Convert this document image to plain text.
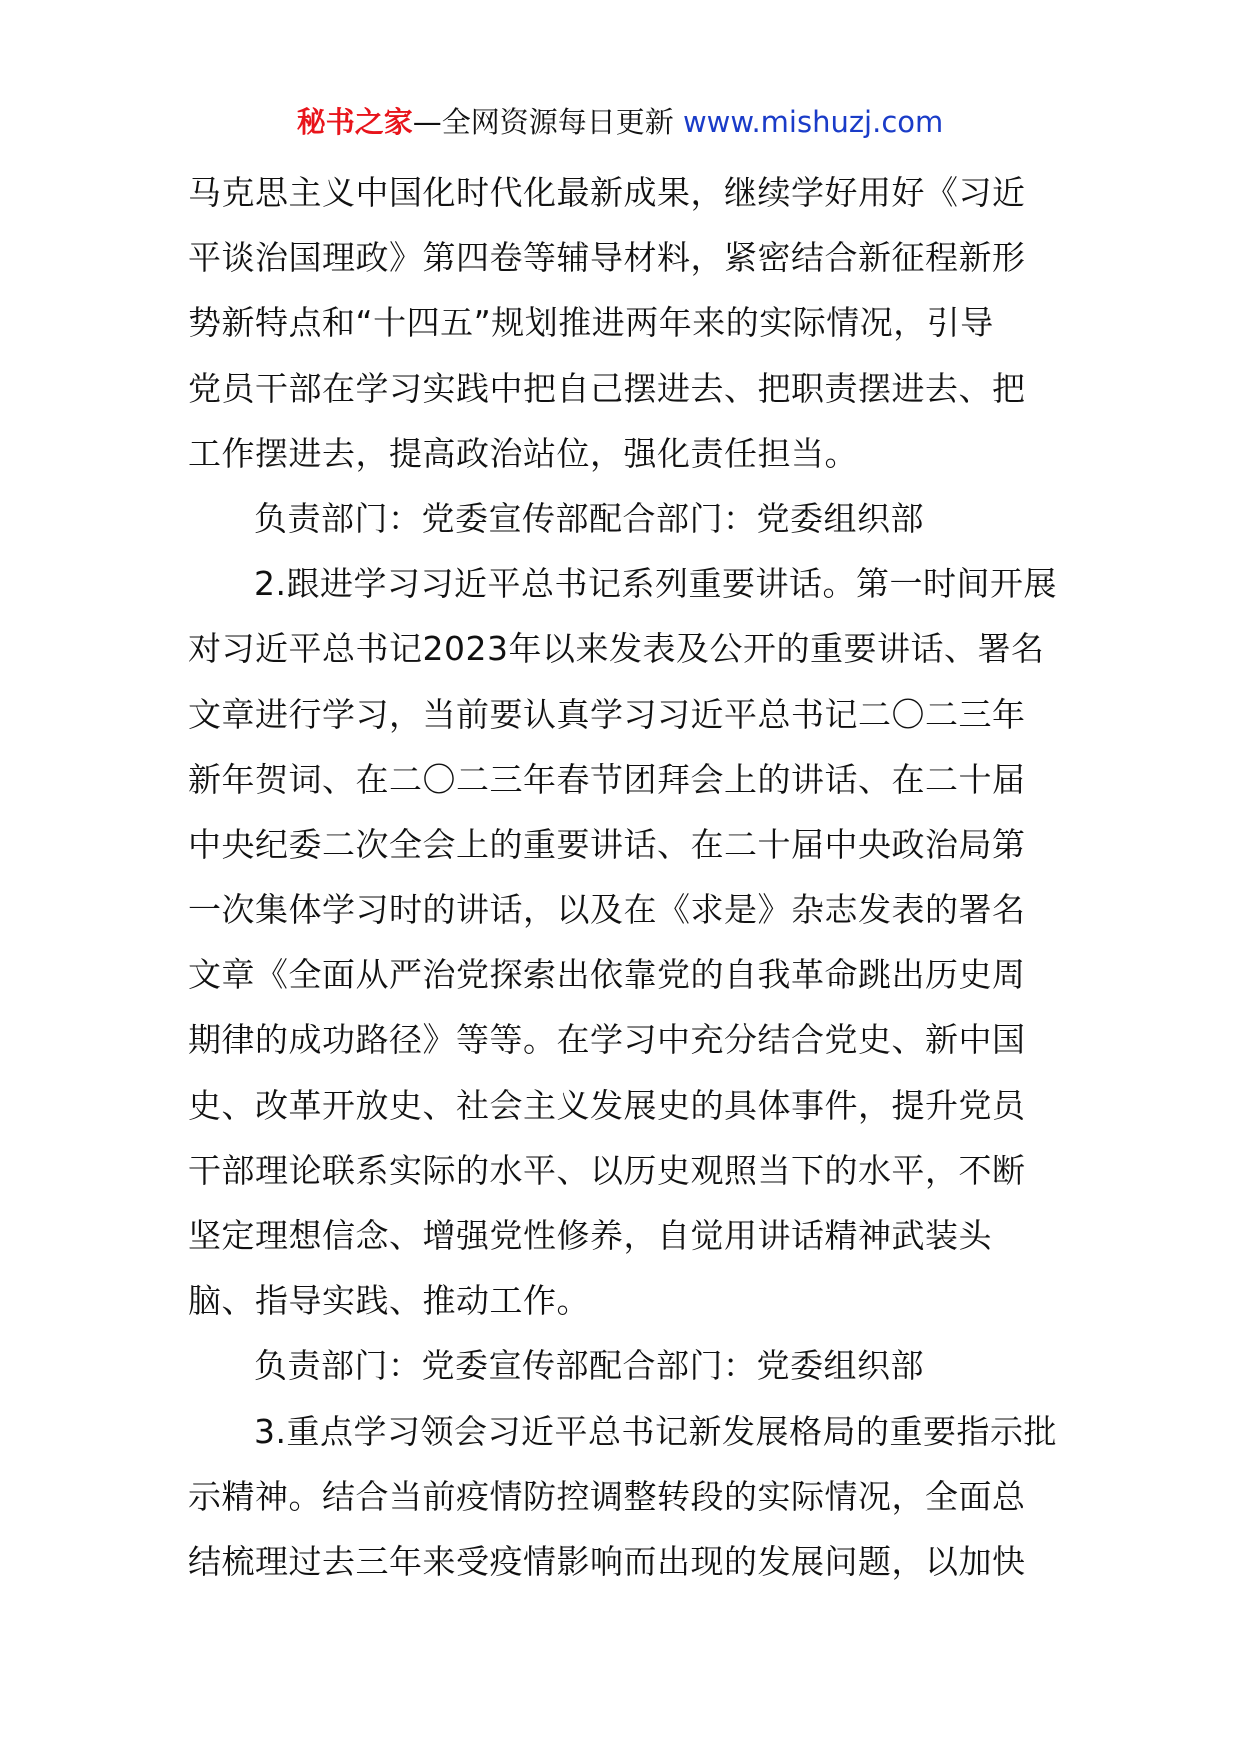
秘书之家—全网资源每日更新 www.mishuzj.com
马克思主义中国化时代化最新成果，继续学好用好《习近
平谈治国理政》第四卷等辅导材料，紧密结合新征程新形
势新特点和“十四五”规划推进两年来的实际情况，引导
党员干部在学习实践中把自己摆进去、把职责摆进去、把
工作摆进去，提高政治站位，强化责任担当。
负责部门：党委宣传部配合部门：党委组织部
2.跟进学习习近平总书记系列重要讲话。第一时间开展
对习近平总书记2023年以来发表及公开的重要讲话、署名
文章进行学习，当前要认真学习习近平总书记二〇二三年
新年贺词、在二〇二三年春节团拜会上的讲话、在二十届
中央纪委二次全会上的重要讲话、在二十届中央政治局第
一次集体学习时的讲话，以及在《求是》杂志发表的署名
文章《全面从严治党探索出依靠党的自我革命跳出历史周
期律的成功路径》等等。在学习中充分结合党史、新中国
史、改革开放史、社会主义发展史的具体事件，提升党员
干部理论联系实际的水平、以历史观照当下的水平，不断
坚定理想信念、增强党性修养，自觉用讲话精神武装头
脑、指导实践、推动工作。
负责部门：党委宣传部配合部门：党委组织部
3.重点学习领会习近平总书记新发展格局的重要指示批
示精神。结合当前疫情防控调整转段的实际情况，全面总
结梳理过去三年来受疫情影响而出现的发展问题，以加快
